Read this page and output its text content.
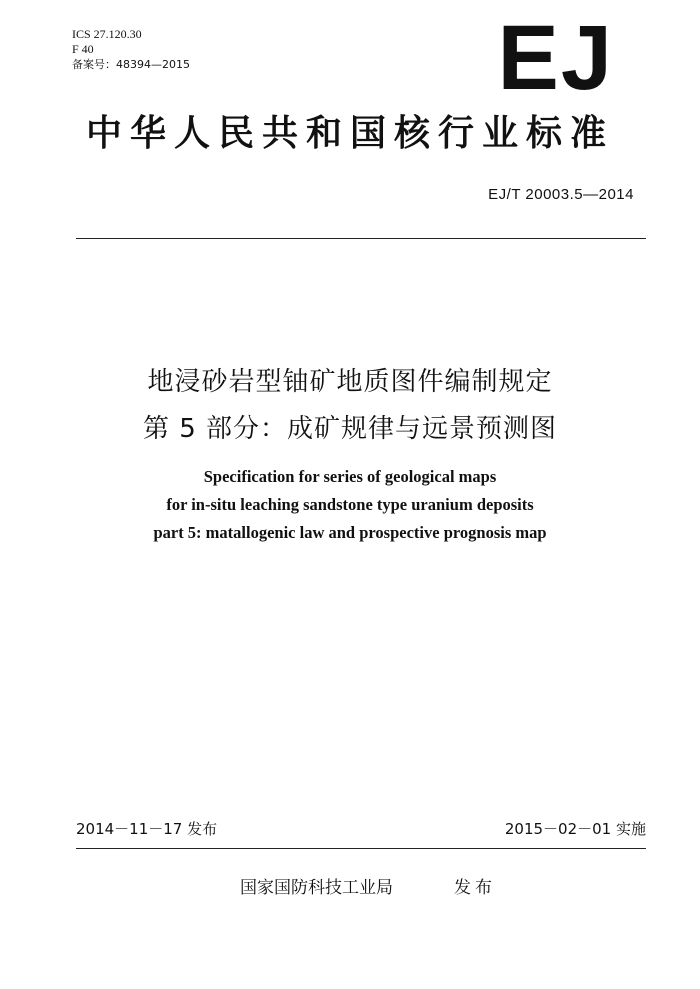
ICS 27.120.30
F 40
备案号：48394—2015	EJ
中华人民共和国核行业标准
EJ/T 20003.5—2014
地浸砂岩型铀矿地质图件编制规定
第 5 部分：成矿规律与远景预测图
Specification for series of geological maps
for in-situ leaching sandstone type uranium deposits
part 5: matallogenic law and prospective prognosis map
2014－11－17 发布	2015－02－01 实施
国家国防科技工业局	发布
